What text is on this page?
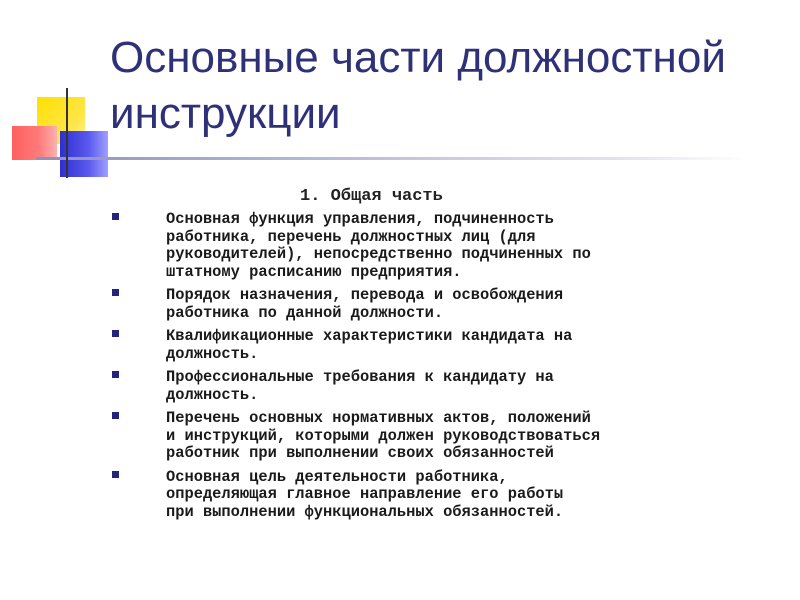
Основные части должностной инструкции
1. Общая часть
Основная функция управления, подчиненность
работника, перечень должностных лиц (для
руководителей), непосредственно подчиненных по
штатному расписанию предприятия.
Порядок назначения, перевода и освобождения
работника по данной должности.
Квалификационные характеристики кандидата на
должность.
Профессиональные требования к кандидату на
должность.
Перечень основных нормативных актов, положений
и инструкций, которыми должен руководствоваться
работник при выполнении своих обязанностей
Основная цель деятельности работника,
определяющая главное направление его работы
при выполнении функциональных обязанностей.
